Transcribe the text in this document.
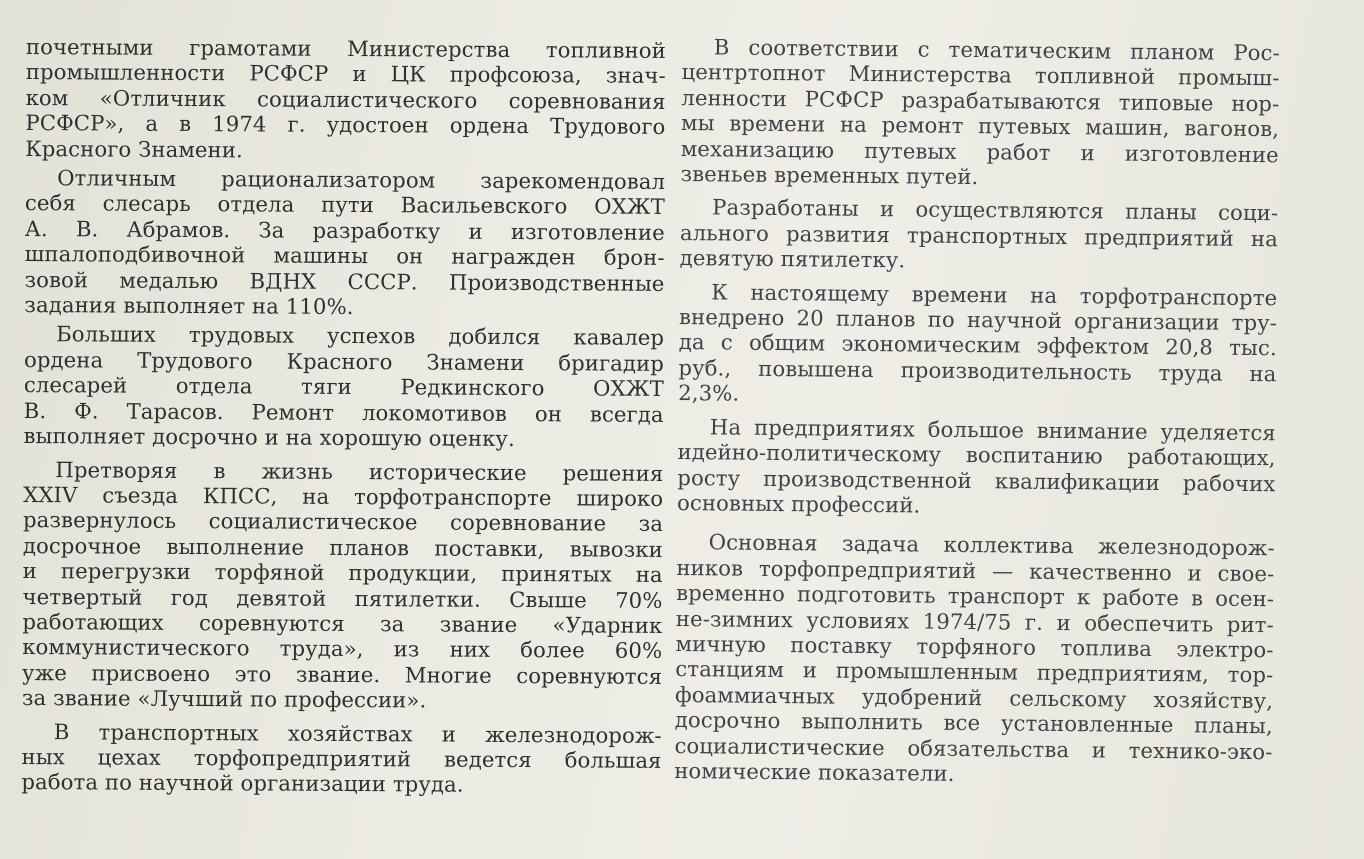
почетными грамотами Министерства топливной
промышленности РСФСР и ЦК профсоюза, знач-
ком «Отличник социалистического соревнования
РСФСР», а в 1974 г. удостоен ордена Трудового
Красного Знамени.
Отличным рационализатором зарекомендовал
себя слесарь отдела пути Васильевского ОХЖТ
А. В. Абрамов. За разработку и изготовление
шпалоподбивочной машины он награжден брон-
зовой медалью ВДНХ СССР. Производственные
задания выполняет на 110%.
Больших трудовых успехов добился кавалер
ордена Трудового Красного Знамени бригадир
слесарей отдела тяги Редкинского ОХЖТ
В. Ф. Тарасов. Ремонт локомотивов он всегда
выполняет досрочно и на хорошую оценку.
Претворяя в жизнь исторические решения
XXIV съезда КПСС, на торфотранспорте широко
развернулось социалистическое соревнование за
досрочное выполнение планов поставки, вывозки
и перегрузки торфяной продукции, принятых на
четвертый год девятой пятилетки. Свыше 70%
работающих соревнуются за звание «Ударник
коммунистического труда», из них более 60%
уже присвоено это звание. Многие соревнуются
за звание «Лучший по профессии».
В транспортных хозяйствах и железнодорож-
ных цехах торфопредприятий ведется большая
работа по научной организации труда.
В соответствии с тематическим планом Рос-
центртопнот Министерства топливной промыш-
ленности РСФСР разрабатываются типовые нор-
мы времени на ремонт путевых машин, вагонов,
механизацию путевых работ и изготовление
звеньев временных путей.
Разработаны и осуществляются планы соци-
ального развития транспортных предприятий на
девятую пятилетку.
К настоящему времени на торфотранспорте
внедрено 20 планов по научной организации тру-
да с общим экономическим эффектом 20,8 тыс.
руб., повышена производительность труда на
2,3%.
На предприятиях большое внимание уделяется
идейно-политическому воспитанию работающих,
росту производственной квалификации рабочих
основных профессий.
Основная задача коллектива железнодорож-
ников торфопредприятий — качественно и свое-
временно подготовить транспорт к работе в осен-
не-зимних условиях 1974/75 г. и обеспечить рит-
мичную поставку торфяного топлива электро-
станциям и промышленным предприятиям, тор-
фоаммиачных удобрений сельскому хозяйству,
досрочно выполнить все установленные планы,
социалистические обязательства и технико-эко-
номические показатели.
